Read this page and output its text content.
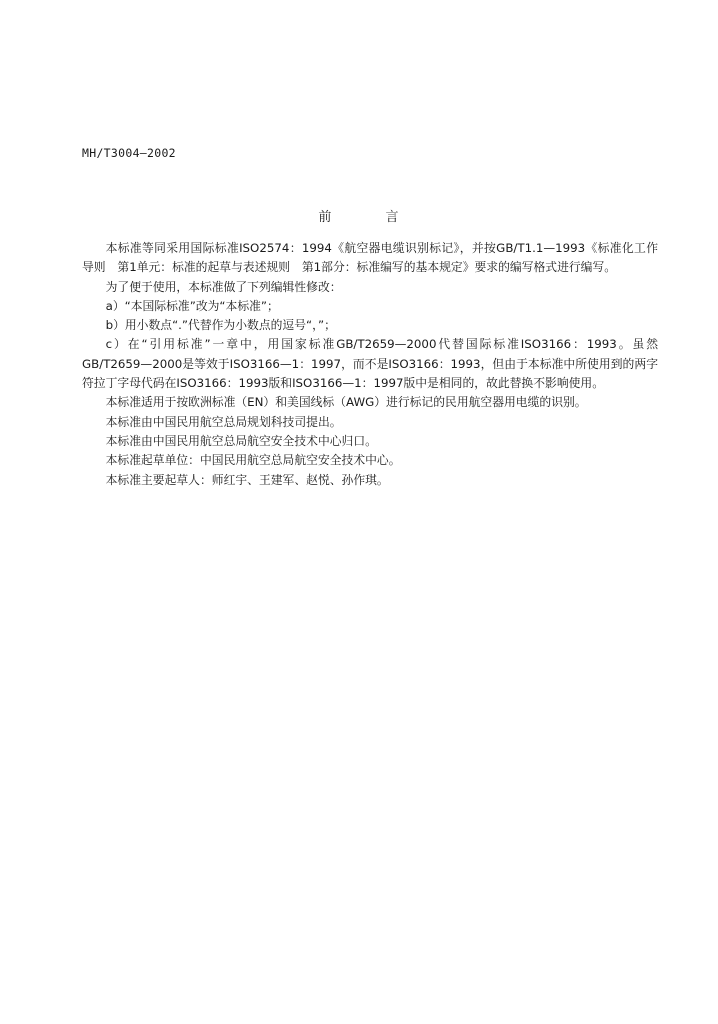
MH/T3004—2002
前 言

本标准等同采用国际标准ISO2574：1994《航空器电缆识别标记》，并按GB/T1.1—1993《标准化工作导则　第1单元：标准的起草与表述规则　第1部分：标准编写的基本规定》要求的编写格式进行编写。

为了便于使用，本标准做了下列编辑性修改：

a）“本国际标准”改为“本标准”；

b）用小数点“.”代替作为小数点的逗号“，”；

c）在“引用标准”一章中，用国家标准GB/T2659—2000代替国际标准ISO3166：1993。虽然GB/T2659—2000是等效于ISO3166—1：1997，而不是ISO3166：1993，但由于本标准中所使用到的两字符拉丁字母代码在ISO3166：1993版和ISO3166—1：1997版中是相同的，故此替换不影响使用。

本标准适用于按欧洲标准（EN）和美国线标（AWG）进行标记的民用航空器用电缆的识别。

本标准由中国民用航空总局规划科技司提出。

本标准由中国民用航空总局航空安全技术中心归口。

本标准起草单位：中国民用航空总局航空安全技术中心。

本标准主要起草人：师红宇、王建军、赵悦、孙作琪。
